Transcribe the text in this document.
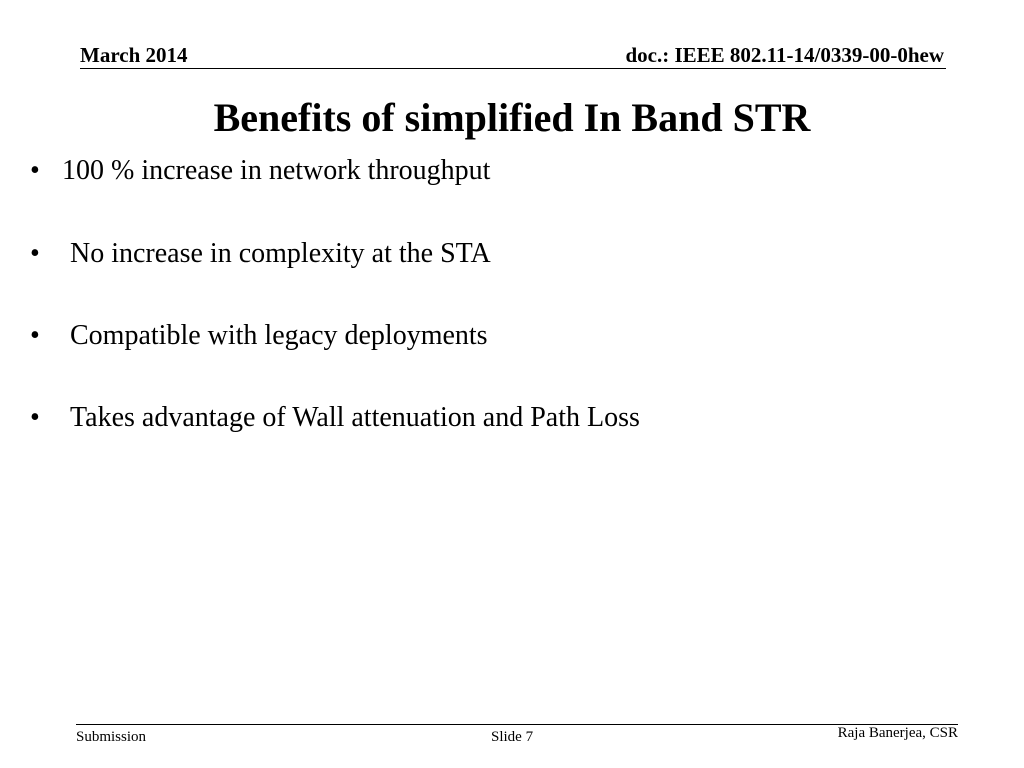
March 2014	doc.: IEEE 802.11-14/0339-00-0hew
Benefits of simplified In Band STR
• 100 % increase in network throughput
• No increase in complexity at the STA
• Compatible with legacy deployments
• Takes advantage of Wall attenuation and Path Loss
Submission	Slide 7	Raja Banerjea, CSR
